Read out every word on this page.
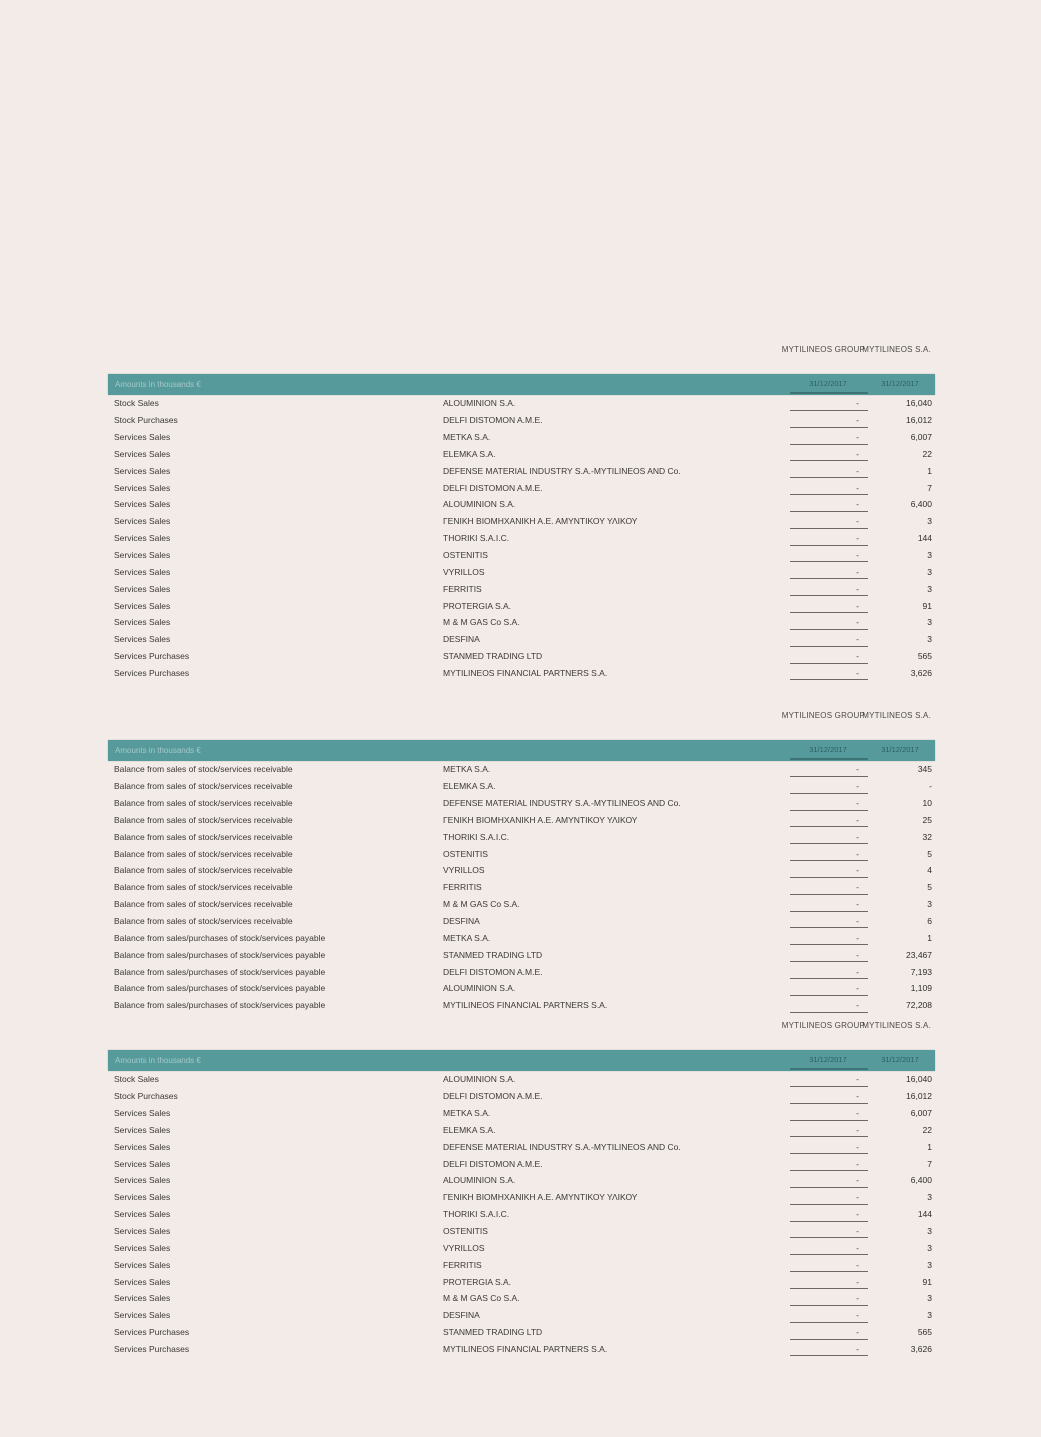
MYTILINEOS GROUP
MYTILINEOS S.A.
Amounts in thousands €	31/12/2017	31/12/2017
Stock Sales	ALOUMINION S.A.	-	16,040
Stock Purchases	DELFI DISTOMON A.M.E.	-	16,012
Services Sales	METKA S.A.	-	6,007
Services Sales	ELEMKA S.A.	-	22
Services Sales	DEFENSE MATERIAL INDUSTRY S.A.-MYTILINEOS AND Co.	-	1
Services Sales	DELFI DISTOMON A.M.E.	-	7
Services Sales	ALOUMINION S.A.	-	6,400
Services Sales	ΓΕΝΙΚΗ ΒΙΟΜΗΧΑΝΙΚΗ Α.Ε. ΑΜΥΝΤΙΚΟΥ ΥΛΙΚΟΥ	-	3
Services Sales	THORIKI S.A.I.C.	-	144
Services Sales	OSTENITIS	-	3
Services Sales	VYRILLOS	-	3
Services Sales	FERRITIS	-	3
Services Sales	PROTERGIA S.A.	-	91
Services Sales	M & M GAS Co S.A.	-	3
Services Sales	DESFINA	-	3
Services Purchases	STANMED TRADING LTD	-	565
Services Purchases	MYTILINEOS FINANCIAL PARTNERS S.A.	-	3,626
MYTILINEOS GROUP
MYTILINEOS S.A.
Amounts in thousands €	31/12/2017	31/12/2017
Balance from sales of stock/services receivable	METKA S.A.	-	345
Balance from sales of stock/services receivable	ELEMKA S.A.	-	-
Balance from sales of stock/services receivable	DEFENSE MATERIAL INDUSTRY S.A.-MYTILINEOS AND Co.	-	10
Balance from sales of stock/services receivable	ΓΕΝΙΚΗ ΒΙΟΜΗΧΑΝΙΚΗ Α.Ε. ΑΜΥΝΤΙΚΟΥ ΥΛΙΚΟΥ	-	25
Balance from sales of stock/services receivable	THORIKI S.A.I.C.	-	32
Balance from sales of stock/services receivable	OSTENITIS	-	5
Balance from sales of stock/services receivable	VYRILLOS	-	4
Balance from sales of stock/services receivable	FERRITIS	-	5
Balance from sales of stock/services receivable	M & M GAS Co S.A.	-	3
Balance from sales of stock/services receivable	DESFINA	-	6
Balance from sales/purchases of stock/services payable	METKA S.A.	-	1
Balance from sales/purchases of stock/services payable	STANMED TRADING LTD	-	23,467
Balance from sales/purchases of stock/services payable	DELFI DISTOMON A.M.E.	-	7,193
Balance from sales/purchases of stock/services payable	ALOUMINION S.A.	-	1,109
Balance from sales/purchases of stock/services payable	MYTILINEOS FINANCIAL PARTNERS S.A.	-	72,208
MYTILINEOS GROUP
MYTILINEOS S.A.
Amounts in thousands €	31/12/2017	31/12/2017
Stock Sales	ALOUMINION S.A.	-	16,040
Stock Purchases	DELFI DISTOMON A.M.E.	-	16,012
Services Sales	METKA S.A.	-	6,007
Services Sales	ELEMKA S.A.	-	22
Services Sales	DEFENSE MATERIAL INDUSTRY S.A.-MYTILINEOS AND Co.	-	1
Services Sales	DELFI DISTOMON A.M.E.	-	7
Services Sales	ALOUMINION S.A.	-	6,400
Services Sales	ΓΕΝΙΚΗ ΒΙΟΜΗΧΑΝΙΚΗ Α.Ε. ΑΜΥΝΤΙΚΟΥ ΥΛΙΚΟΥ	-	3
Services Sales	THORIKI S.A.I.C.	-	144
Services Sales	OSTENITIS	-	3
Services Sales	VYRILLOS	-	3
Services Sales	FERRITIS	-	3
Services Sales	PROTERGIA S.A.	-	91
Services Sales	M & M GAS Co S.A.	-	3
Services Sales	DESFINA	-	3
Services Purchases	STANMED TRADING LTD	-	565
Services Purchases	MYTILINEOS FINANCIAL PARTNERS S.A.	-	3,626
